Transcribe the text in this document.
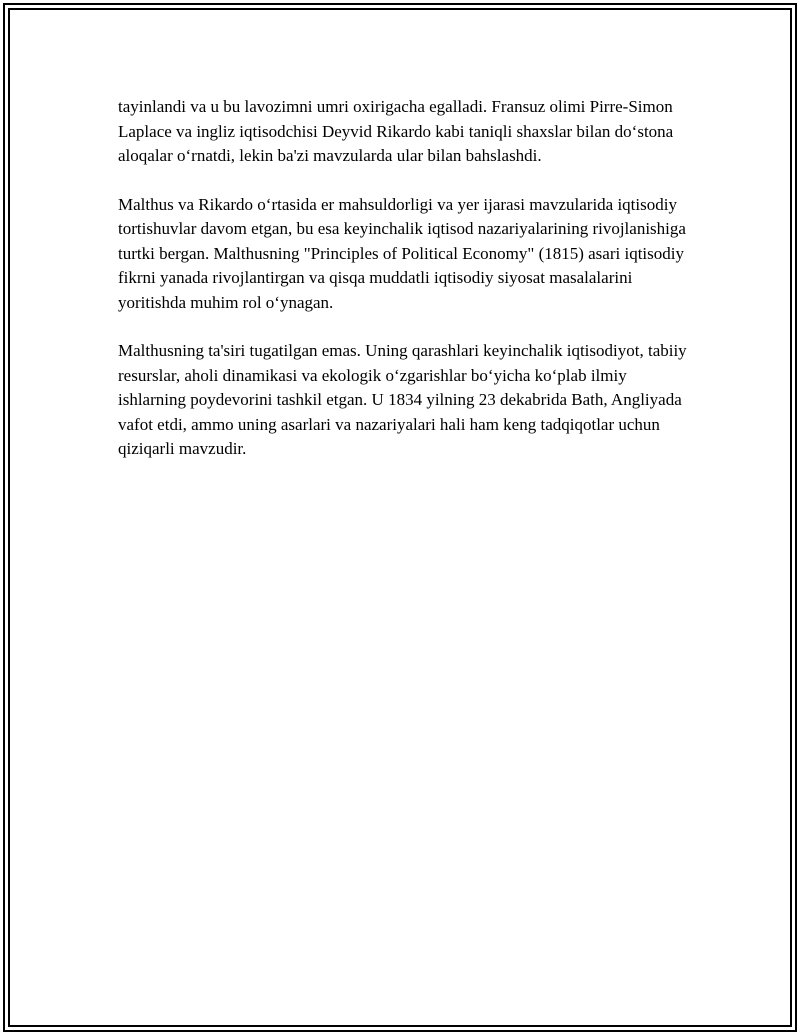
tayinlandi va u bu lavozimni umri oxirigacha egalladi. Fransuz olimi Pirre-Simon Laplace va ingliz iqtisodchisi Deyvid Rikardo kabi taniqli shaxslar bilan doʻstona aloqalar oʻrnatdi, lekin ba'zi mavzularda ular bilan bahslashdi.

Malthus va Rikardo oʻrtasida er mahsuldorligi va yer ijarasi mavzularida iqtisodiy tortishuvlar davom etgan, bu esa keyinchalik iqtisod nazariyalarining rivojlanishiga turtki bergan. Malthusning "Principles of Political Economy" (1815) asari iqtisodiy fikrni yanada rivojlantirgan va qisqa muddatli iqtisodiy siyosat masalalarini yoritishda muhim rol oʻynagan.

Malthusning ta'siri tugatilgan emas. Uning qarashlari keyinchalik iqtisodiyot, tabiiy resurslar, aholi dinamikasi va ekologik oʻzgarishlar boʻyicha koʻplab ilmiy ishlarning poydevorini tashkil etgan. U 1834 yilning 23 dekabrida Bath, Angliyada vafot etdi, ammo uning asarlari va nazariyalari hali ham keng tadqiqotlar uchun qiziqarli mavzudir.
